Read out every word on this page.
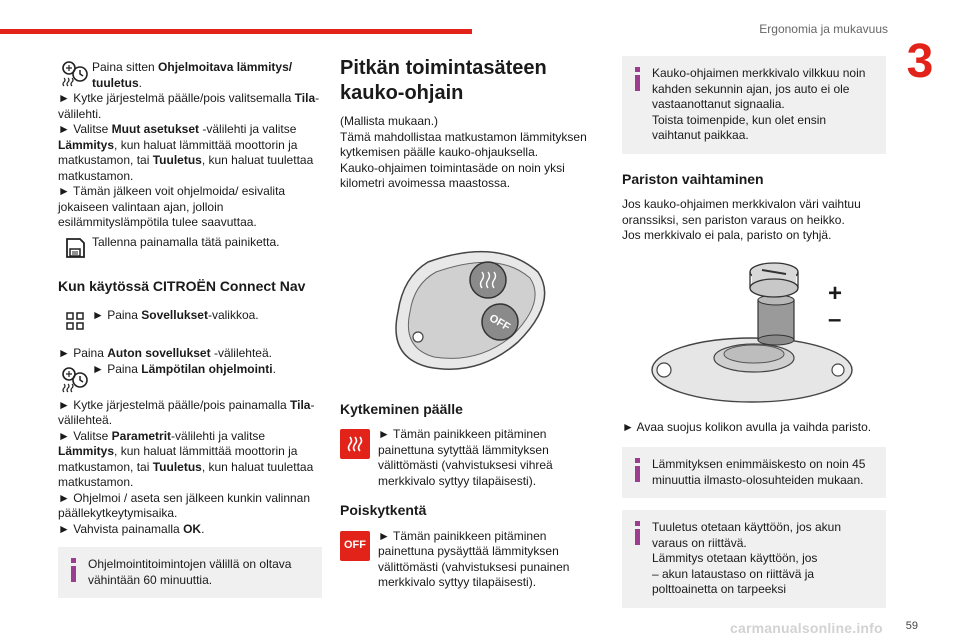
Ergonomia ja mukavuus
3
Paina sitten Ohjelmoitava lämmitys/ tuuletus.
► Kytke järjestelmä päälle/pois valitsemalla Tila-välilehti.
► Valitse Muut asetukset -välilehti ja valitse Lämmitys, kun haluat lämmittää moottorin ja matkustamon, tai Tuuletus, kun haluat tuulettaa matkustamon.
► Tämän jälkeen voit ohjelmoida/ esivalita jokaiseen valintaan ajan, jolloin esilämmityslämpötila tulee saavuttaa.
Tallenna painamalla tätä painiketta.
Kun käytössä CITROËN Connect Nav
► Paina Sovellukset-valikkoa.
► Paina Auton sovellukset -välilehteä.
► Paina Lämpötilan ohjelmointi.
► Kytke järjestelmä päälle/pois painamalla Tila-välilehteä.
► Valitse Parametrit-välilehti ja valitse Lämmitys, kun haluat lämmittää moottorin ja matkustamon, tai Tuuletus, kun haluat tuulettaa matkustamon.
► Ohjelmoi / aseta sen jälkeen kunkin valinnan päällekytkeytymisaika.
► Vahvista painamalla OK.
Ohjelmointitoimintojen välillä on oltava vähintään 60 minuuttia.
Pitkän toimintasäteen kauko-ohjain
(Mallista mukaan.)
Tämä mahdollistaa matkustamon lämmityksen kytkemisen päälle kauko-ohjauksella.
Kauko-ohjaimen toimintasäde on noin yksi kilometri avoimessa maastossa.
OFF
Kytkeminen päälle
► Tämän painikkeen pitäminen painettuna sytyttää lämmityksen välittömästi (vahvistuksesi vihreä merkkivalo syttyy tilapäisesti).
Poiskytkentä
OFF
► Tämän painikkeen pitäminen painettuna pysäyttää lämmityksen välittömästi (vahvistuksesi punainen merkkivalo syttyy tilapäisesti).
Kauko-ohjaimen merkkivalo vilkkuu noin kahden sekunnin ajan, jos auto ei ole vastaanottanut signaalia.
Toista toimenpide, kun olet ensin vaihtanut paikkaa.
Pariston vaihtaminen
Jos kauko-ohjaimen merkkivalon väri vaihtuu oranssiksi, sen pariston varaus on heikko.
Jos merkkivalo ei pala, paristo on tyhjä.
+
–
► Avaa suojus kolikon avulla ja vaihda paristo.
Lämmityksen enimmäiskesto on noin 45 minuuttia ilmasto-olosuhteiden mukaan.
Tuuletus otetaan käyttöön, jos akun varaus on riittävä.
Lämmitys otetaan käyttöön, jos
– akun lataustaso on riittävä ja polttoainetta on tarpeeksi
carmanualsonline.info 59
